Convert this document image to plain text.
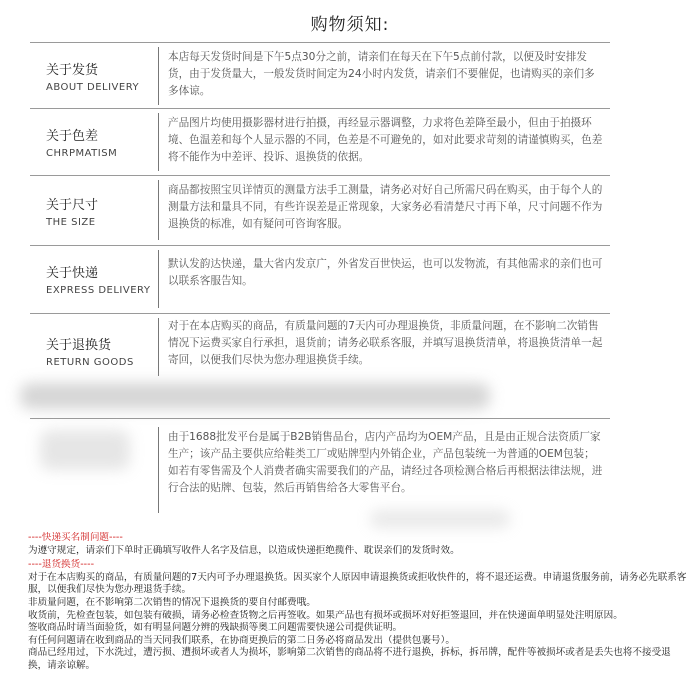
购物须知:
关于发货
ABOUT DELIVERY
本店每天发货时间是下午5点30分之前，请亲们在每天在下午5点前付款，以便及时安排发货，由于发货量大，一般发货时间定为24小时内发货，请亲们不要催促，也请购买的亲们多多体谅。
关于色差
CHRPMATISM
产品图片均使用摄影器材进行拍摄，再经显示器调整，力求将色差降至最小，但由于拍摄环境、色温差和每个人显示器的不同，色差是不可避免的，如对此要求苛刻的请谨慎购买，色差将不能作为中差评、投诉、退换货的依据。
关于尺寸
THE SIZE
商品都按照宝贝详情页的测量方法手工测量，请务必对好自己所需尺码在购买，由于每个人的测量方法和量具不同，有些许误差是正常现象，大家务必看清楚尺寸再下单，尺寸问题不作为退换货的标准，如有疑问可咨询客服。
关于快递
EXPRESS DELIVERY
默认发韵达快递，量大省内发京广，外省发百世快运，也可以发物流，有其他需求的亲们也可以联系客服告知。
关于退换货
RETURN GOODS
对于在本店购买的商品，有质量问题的7天内可办理退换货，非质量问题，在不影响二次销售情况下运费买家自行承担，退货前；请务必联系客服，并填写退换货清单，将退换货清单一起寄回，以便我们尽快为您办理退换货手续。
由于1688批发平台是属于B2B销售品台，店内产品均为OEM产品，且是由正规合法资质厂家生产；该产品主要供应给鞋类工厂或贴牌型内外销企业，产品包装统一为普通的OEM包装；如若有零售需及个人消费者确实需要我们的产品，请经过各项检测合格后再根据法律法规，进行合法的贴牌、包装，然后再销售给各大零售平台。
----快递买名制问题----
为遵守规定，请亲们下单时正确填写收件人名字及信息，以造成快递拒绝揽件、耽误亲们的发货时效。
----退货换货----
对于在本店购买的商品，有质量问题的7天内可予办理退换货。因买家个人原因申请退换货或拒收快件的，将不退还运费。申请退货服务前，请务必先联系客服，以便我们尽快为您办理退货手续。
非质量问题，在不影响第二次销售的情况下退换货的要自付邮费哦。
收货前，先检查包装，如包装有破损，请务必检查货物之后再签收。如果产品也有损坏或损坏对好拒签退回，并在快递面单明显处注明原因。
签收商品时请当面验货，如有明显问题分辨的残缺损等奥工问题需要快递公司提供证明。
有任何问题请在收到商品的当天同我们联系，在协商更换后的第二日务必将商品发出（提供包裹号）。
商品已经用过，下水洗过，遭污损、遭损坏或者人为损坏，影响第二次销售的商品将不进行退换，拆标，拆吊牌，配件等被损坏或者是丢失也将不接受退换，请亲谅解。
